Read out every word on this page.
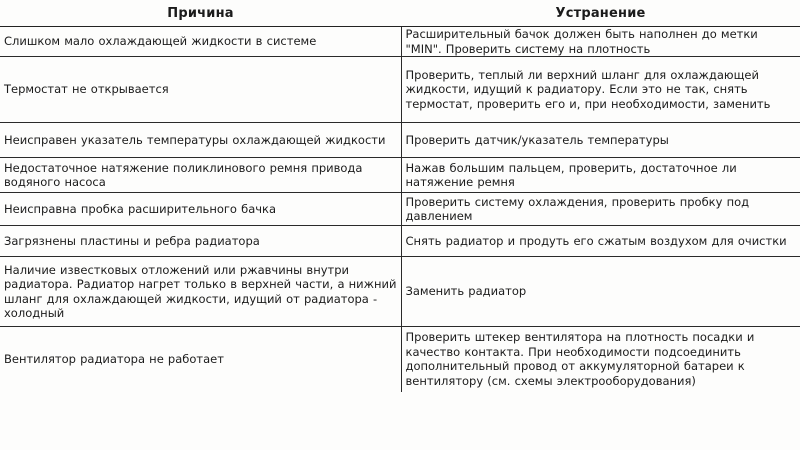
Причина	Устранение
Слишком мало охлаждающей жидкости в системе	Расширительный бачок должен быть наполнен до метки "MIN". Проверить систему на плотность
Термостат не открывается	Проверить, теплый ли верхний шланг для охлаждающей жидкости, идущий к радиатору. Если это не так, снять термостат, проверить его и, при необходимости, заменить
Неисправен указатель температуры охлаждающей жидкости	Проверить датчик/указатель температуры
Недостаточное натяжение поликлинового ремня привода водяного насоса	Нажав большим пальцем, проверить, достаточное ли натяжение ремня
Неисправна пробка расширительного бачка	Проверить систему охлаждения, проверить пробку под давлением
Загрязнены пластины и ребра радиатора	Снять радиатор и продуть его сжатым воздухом для очистки
Наличие известковых отложений или ржавчины внутри радиатора. Радиатор нагрет только в верхней части, а нижний шланг для охлаждающей жидкости, идущий от радиатора - холодный	Заменить радиатор
Вентилятор радиатора не работает	Проверить штекер вентилятора на плотность посадки и качество контакта. При необходимости подсоединить дополнительный провод от аккумуляторной батареи к вентилятору (см. схемы электрооборудования)
